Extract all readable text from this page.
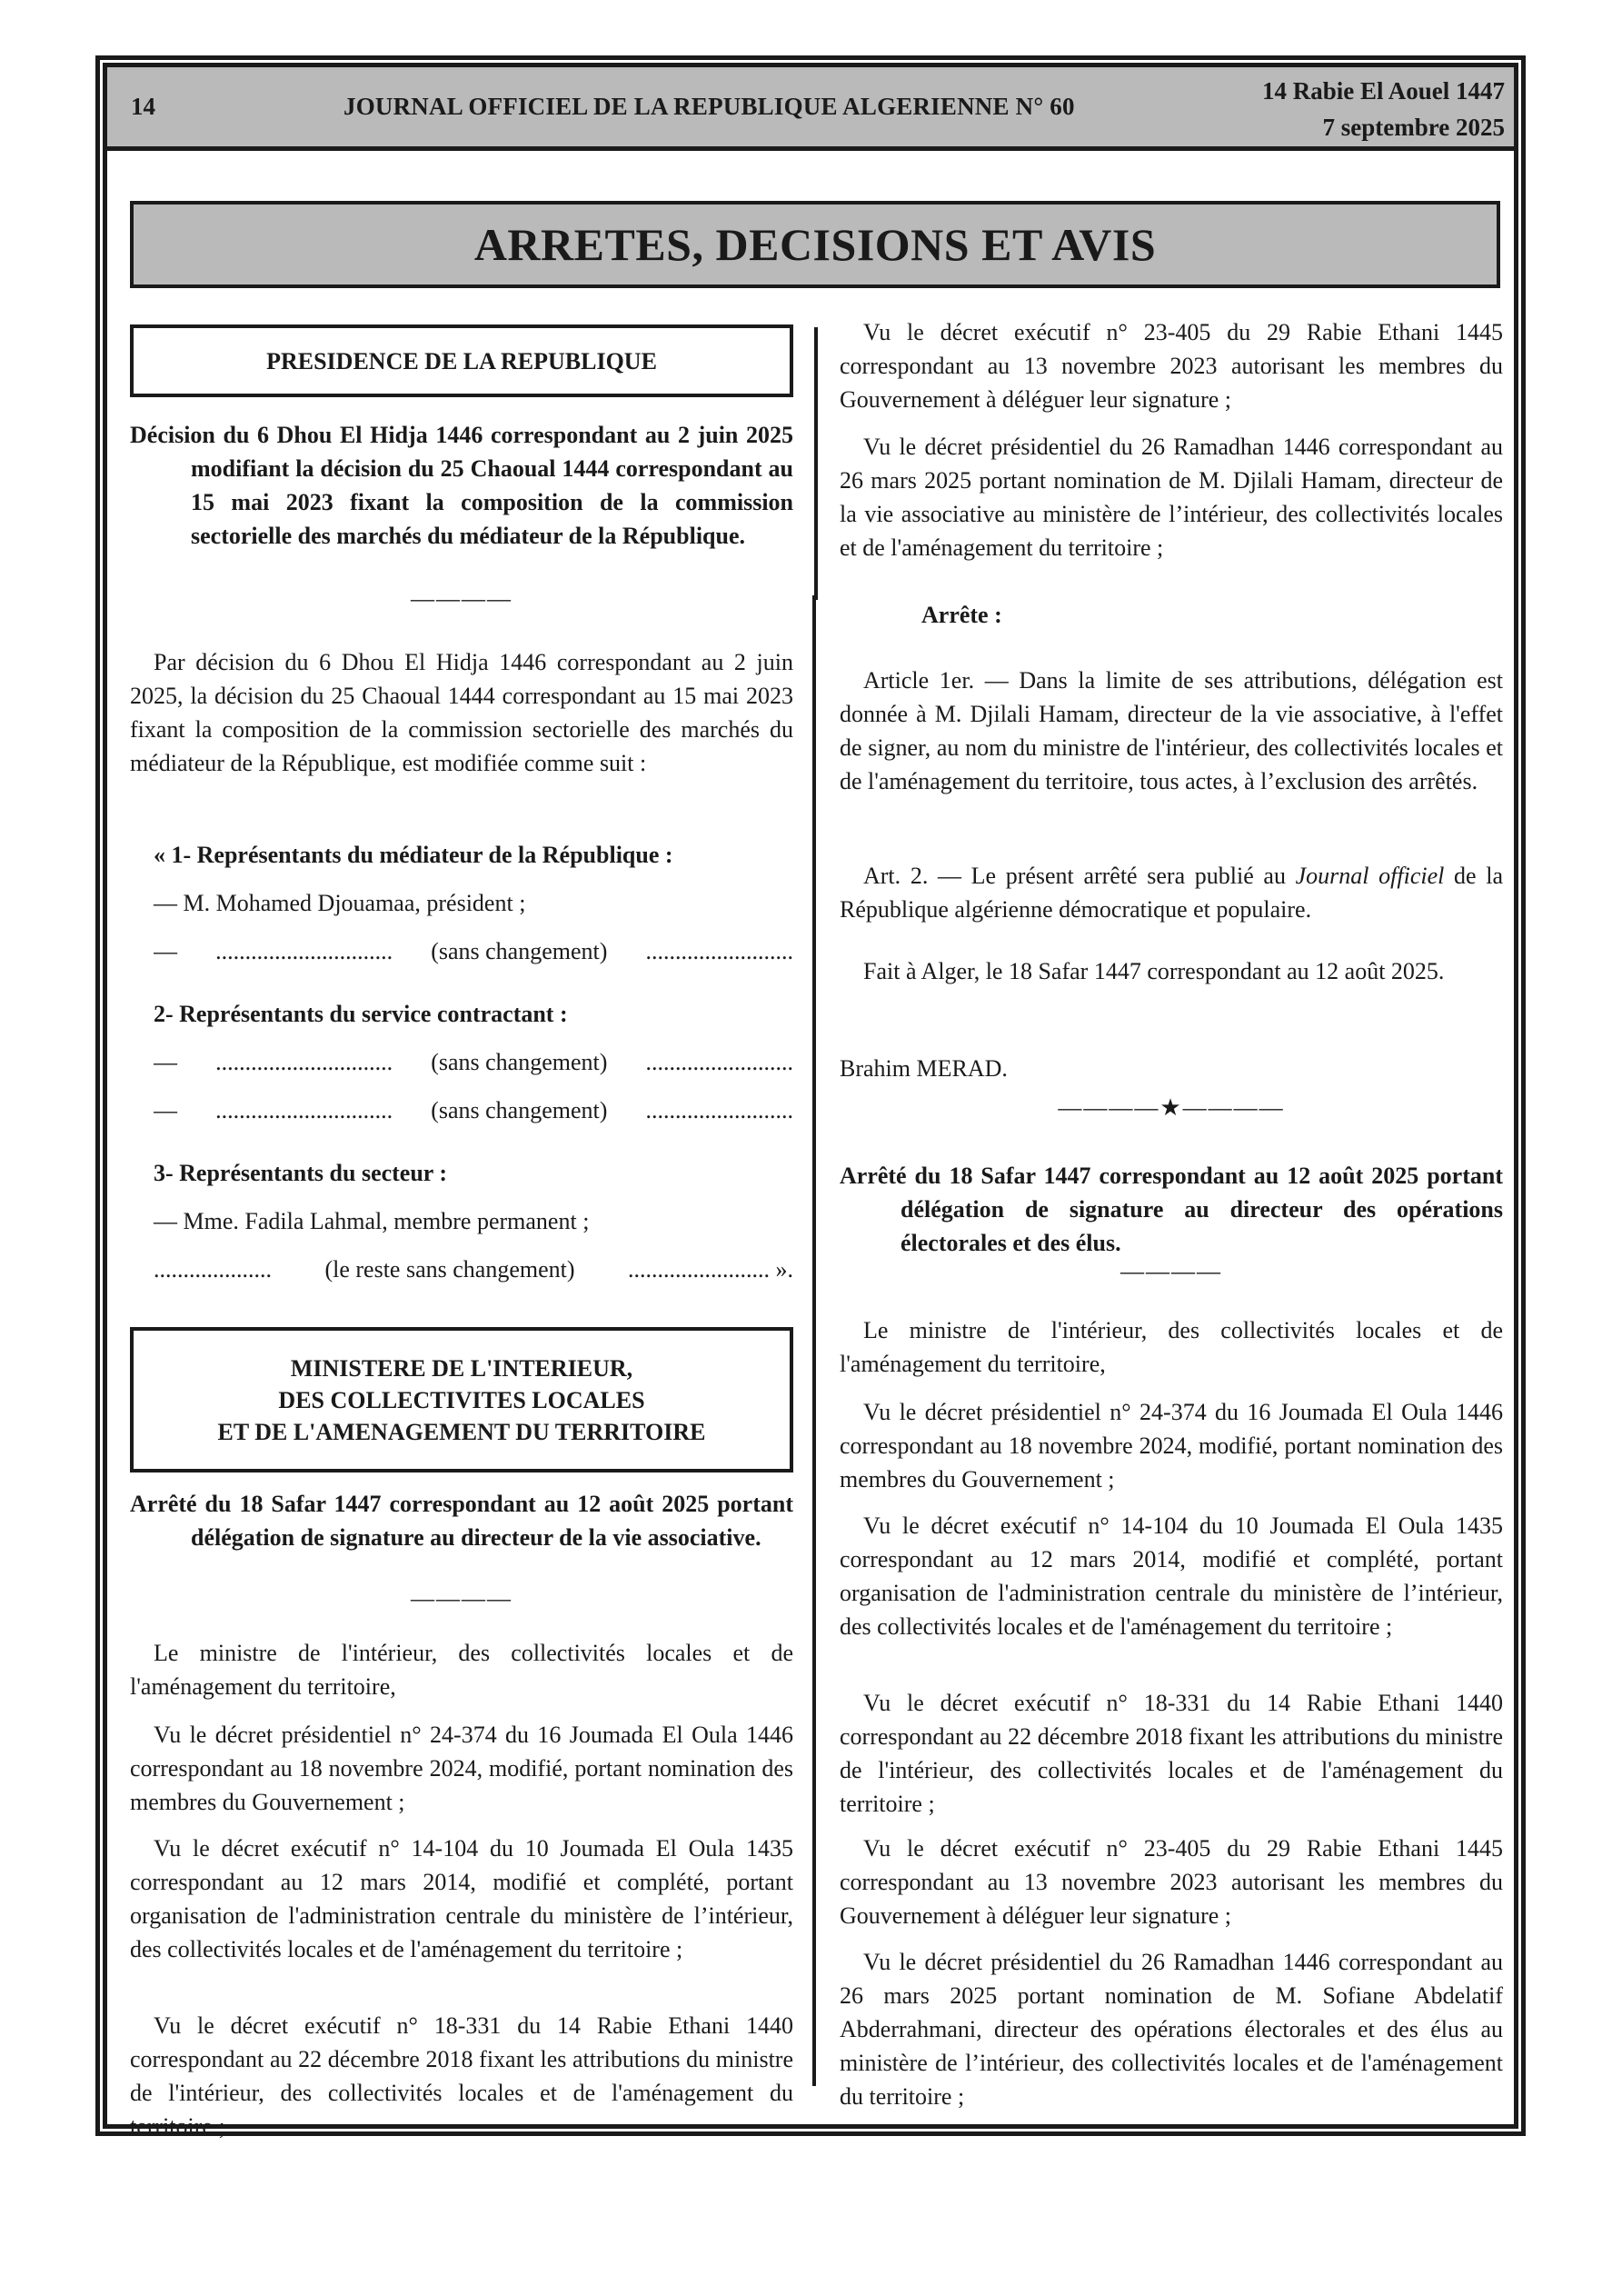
14	JOURNAL OFFICIEL DE LA REPUBLIQUE ALGERIENNE N° 60
14 Rabie El Aouel 1447
7 septembre 2025
ARRETES, DECISIONS ET AVIS
PRESIDENCE DE LA REPUBLIQUE
Décision du 6 Dhou El Hidja 1446 correspondant au 2 juin 2025 modifiant la décision du 25 Chaoual 1444 correspondant au 15 mai 2023 fixant la composition de la commission sectorielle des marchés du médiateur de la République.
————
Par décision du 6 Dhou El Hidja 1446 correspondant au 2 juin 2025, la décision du 25 Chaoual 1444 correspondant au 15 mai 2023 fixant la composition de la commission sectorielle des marchés du médiateur de la République, est modifiée comme suit :
« 1- Représentants du médiateur de la République :
— M. Mohamed Djouamaa, président ;
— .............................. (sans changement) .........................
2- Représentants du service contractant :
— .............................. (sans changement) .........................
— .............................. (sans changement) .........................
3- Représentants du secteur :
— Mme. Fadila Lahmal, membre permanent ;
.................... (le reste sans changement) ........................ ».
MINISTERE DE L'INTERIEUR,
DES COLLECTIVITES LOCALES
ET DE L'AMENAGEMENT DU TERRITOIRE
Arrêté du 18 Safar 1447 correspondant au 12 août 2025 portant délégation de signature au directeur de la vie associative.
————
Le ministre de l'intérieur, des collectivités locales et de l'aménagement du territoire,
Vu le décret présidentiel n° 24-374 du 16 Joumada El Oula 1446 correspondant au 18 novembre 2024, modifié, portant nomination des membres du Gouvernement ;
Vu le décret exécutif n° 14-104 du 10 Joumada El Oula 1435 correspondant au 12 mars 2014, modifié et complété, portant organisation de l'administration centrale du ministère de l’intérieur, des collectivités locales et de l'aménagement du territoire ;
Vu le décret exécutif n° 18-331 du 14 Rabie Ethani 1440 correspondant au 22 décembre 2018 fixant les attributions du ministre de l'intérieur, des collectivités locales et de l'aménagement du territoire ;
Vu le décret exécutif n° 23-405 du 29 Rabie Ethani 1445 correspondant au 13 novembre 2023 autorisant les membres du Gouvernement à déléguer leur signature ;
Vu le décret présidentiel du 26 Ramadhan 1446 correspondant au 26 mars 2025 portant nomination de M. Djilali Hamam, directeur de la vie associative au ministère de l’intérieur, des collectivités locales et de l'aménagement du territoire ;
Arrête :
Article 1er. — Dans la limite de ses attributions, délégation est donnée à M. Djilali Hamam, directeur de la vie associative, à l'effet de signer, au nom du ministre de l'intérieur, des collectivités locales et de l'aménagement du territoire, tous actes, à l’exclusion des arrêtés.
Art. 2. — Le présent arrêté sera publié au Journal officiel de la République algérienne démocratique et populaire.
Fait à Alger, le 18 Safar 1447 correspondant au 12 août 2025.
Brahim MERAD.
————★————
Arrêté du 18 Safar 1447 correspondant au 12 août 2025 portant délégation de signature au directeur des opérations électorales et des élus.
————
Le ministre de l'intérieur, des collectivités locales et de l'aménagement du territoire,
Vu le décret présidentiel n° 24-374 du 16 Joumada El Oula 1446 correspondant au 18 novembre 2024, modifié, portant nomination des membres du Gouvernement ;
Vu le décret exécutif n° 14-104 du 10 Joumada El Oula 1435 correspondant au 12 mars 2014, modifié et complété, portant organisation de l'administration centrale du ministère de l’intérieur, des collectivités locales et de l'aménagement du territoire ;
Vu le décret exécutif n° 18-331 du 14 Rabie Ethani 1440 correspondant au 22 décembre 2018 fixant les attributions du ministre de l'intérieur, des collectivités locales et de l'aménagement du territoire ;
Vu le décret exécutif n° 23-405 du 29 Rabie Ethani 1445 correspondant au 13 novembre 2023 autorisant les membres du Gouvernement à déléguer leur signature ;
Vu le décret présidentiel du 26 Ramadhan 1446 correspondant au 26 mars 2025 portant nomination de M. Sofiane Abdelatif Abderrahmani, directeur des opérations électorales et des élus au ministère de l’intérieur, des collectivités locales et de l'aménagement du territoire ;
